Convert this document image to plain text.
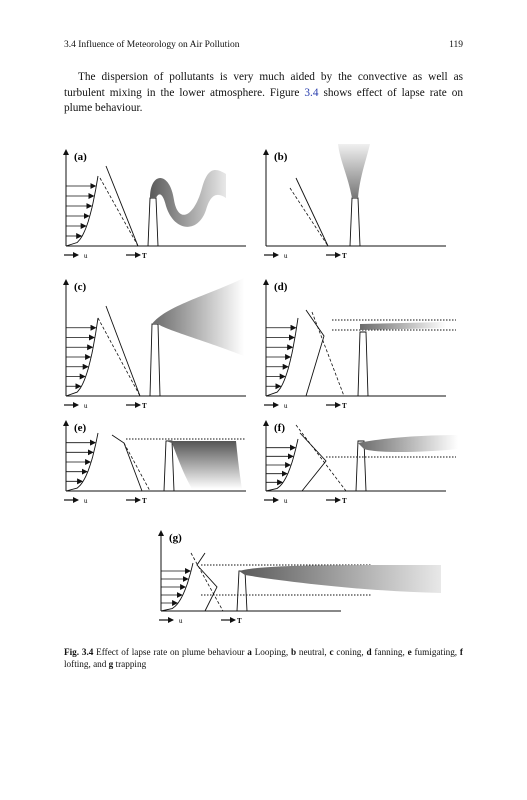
3.4 Influence of Meteorology on Air Pollution	119

The dispersion of pollutants is very much aided by the convective as well as turbulent mixing in the lower atmosphere. Figure 3.4 shows effect of lapse rate on plume behaviour.

(a)
u	T
(b)
u	T
(c)
u	T
(d)
u	T
(e)
u	T
(f)
u	T
(g)
u	T
Fig. 3.4 Effect of lapse rate on plume behaviour a Looping, b neutral, c coning, d fanning, e fumigating, f lofting, and g trapping
